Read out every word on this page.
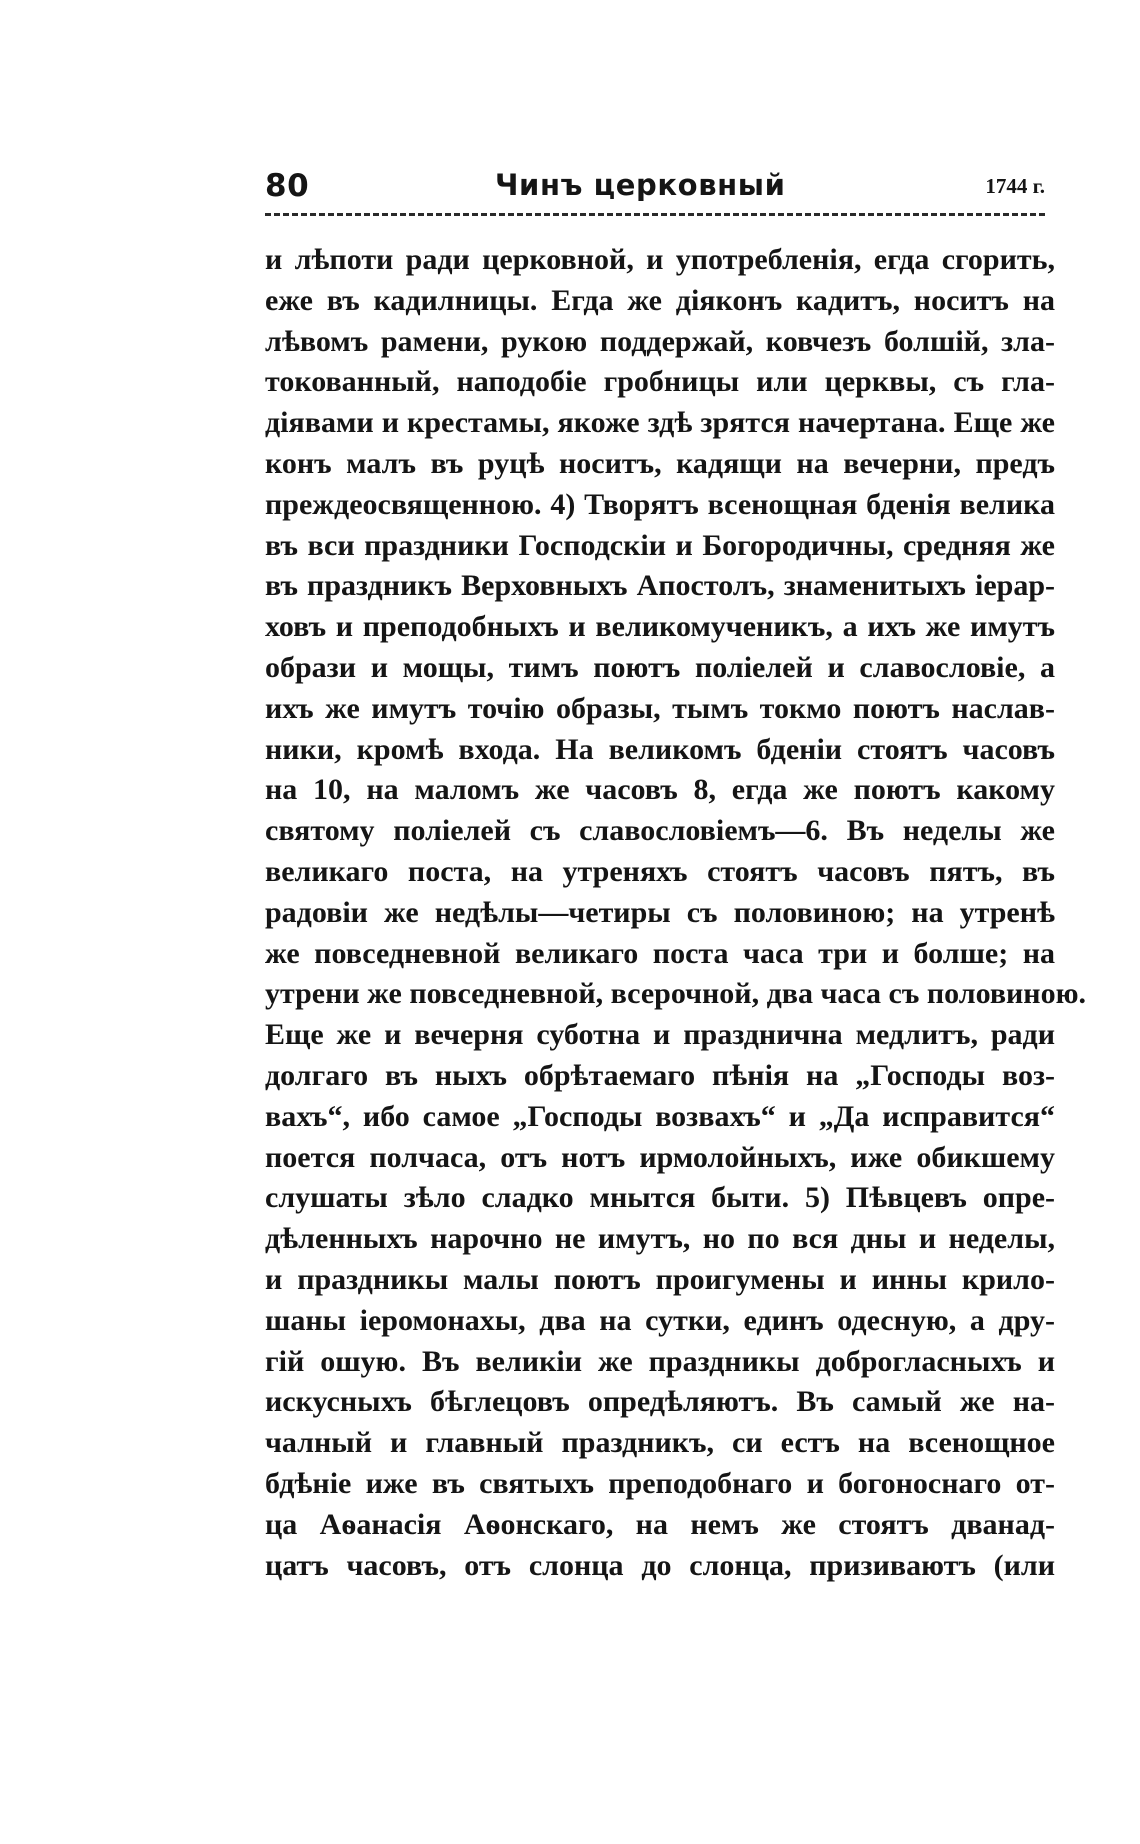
80	Чинъ церковный	1744 г.
и лѣпоти ради церковной, и употребленія, егда сгорить,
еже въ кадилницы. Егда же діяконъ кадитъ, носитъ на
лѣвомъ рамени, рукою поддержай, ковчезъ болшій, зла-
токованный, наподобіе гробницы или церквы, съ гла-
діявами и крестамы, якоже здѣ зрятся начертана. Еще же
конъ малъ въ руцѣ носитъ, кадящи на вечерни, предъ
преждеосвященною. 4) Творятъ всенощная бденія велика
въ вси праздники Господскіи и Богородичны, средняя же
въ праздникъ Верховныхъ Апостолъ, знаменитыхъ іерар-
ховъ и преподобныхъ и великомученикъ, а ихъ же имутъ
образи и мощы, тимъ поютъ поліелей и славословіе, а
ихъ же имутъ точію образы, тымъ токмо поютъ наслав-
ники, кромѣ входа. На великомъ бденіи стоятъ часовъ
на 10, на маломъ же часовъ 8, егда же поютъ какому
святому поліелей съ славословіемъ—6. Въ неделы же
великаго поста, на утреняхъ стоятъ часовъ пятъ, въ
радовіи же недѣлы—четиры съ половиною; на утренѣ
же повседневной великаго поста часа три и болше; на
утрени же повседневной, всерочной, два часа съ половиною.
Еще же и вечерня суботна и празднична медлитъ, ради
долгаго въ ныхъ обрѣтаемаго пѣнія на „Господы воз-
вахъ“, ибо самое „Господы возвахъ“ и „Да исправится“
поется полчаса, отъ нотъ ирмолойныхъ, иже обикшему
слушаты зѣло сладко мнытся быти. 5) Пѣвцевъ опре-
дѣленныхъ нарочно не имутъ, но по вся дны и неделы,
и праздникы малы поютъ проигумены и инны крило-
шаны іеромонахы, два на сутки, единъ одесную, а дру-
гій ошую. Въ великіи же праздникы доброгласныхъ и
искусныхъ бѣглецовъ опредѣляютъ. Въ самый же на-
чалный и главный праздникъ, си естъ на всенощное
бдѣніе иже въ святыхъ преподобнаго и богоноснаго от-
ца Аѳанасія Аѳонскаго, на немъ же стоятъ дванад-
цатъ часовъ, отъ слонца до слонца, призиваютъ (или
